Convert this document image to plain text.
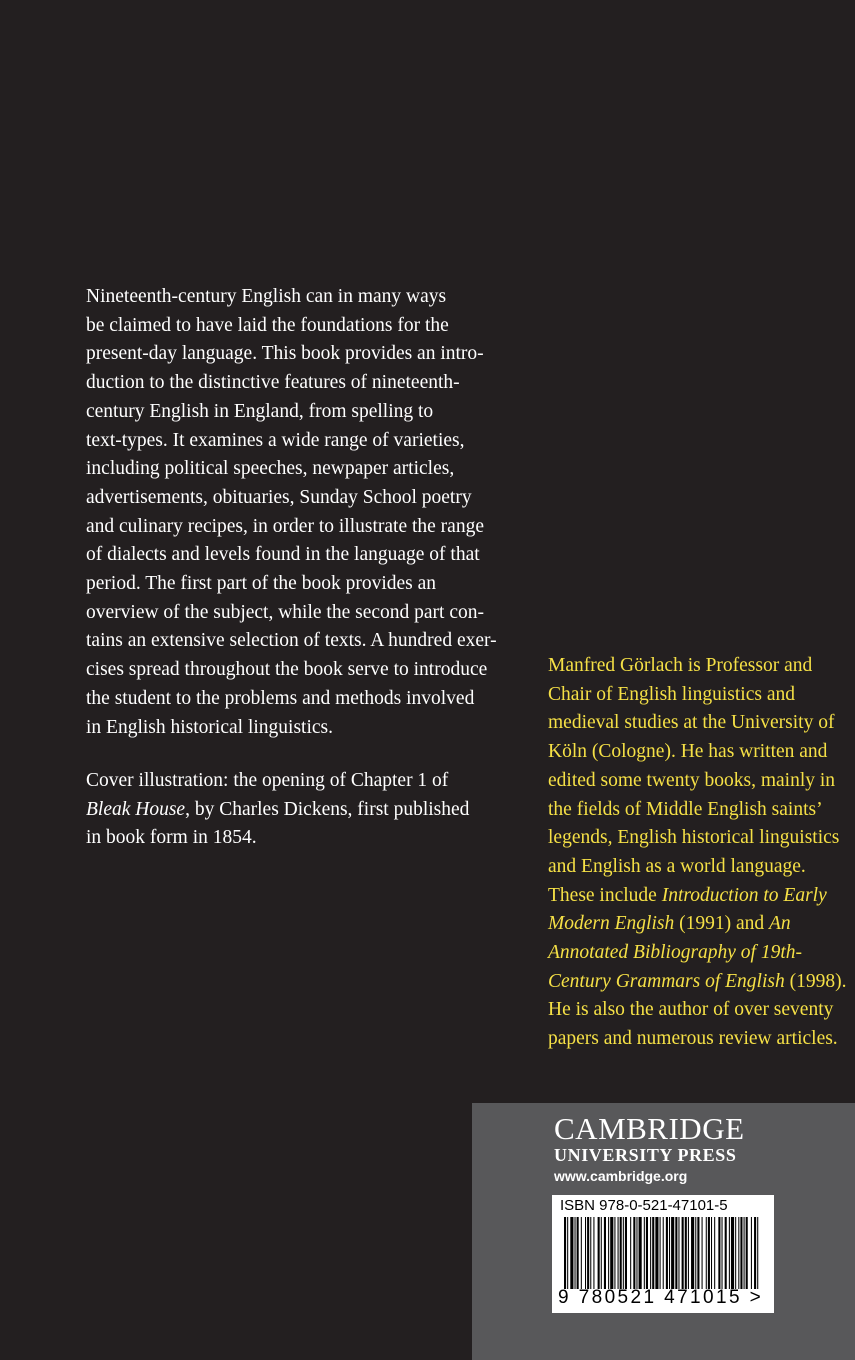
Nineteenth-century English can in many ways
be claimed to have laid the foundations for the
present-day language. This book provides an intro-
duction to the distinctive features of nineteenth-
century English in England, from spelling to
text-types. It examines a wide range of varieties,
including political speeches, newpaper articles,
advertisements, obituaries, Sunday School poetry
and culinary recipes, in order to illustrate the range
of dialects and levels found in the language of that
period. The first part of the book provides an
overview of the subject, while the second part con-
tains an extensive selection of texts. A hundred exer-
cises spread throughout the book serve to introduce
the student to the problems and methods involved
in English historical linguistics.

Cover illustration: the opening of Chapter 1 of
Bleak House, by Charles Dickens, first published
in book form in 1854.
Manfred Görlach is Professor and
Chair of English linguistics and
medieval studies at the University of
Köln (Cologne). He has written and
edited some twenty books, mainly in
the fields of Middle English saints’
legends, English historical linguistics
and English as a world language.
These include Introduction to Early
Modern English (1991) and An
Annotated Bibliography of 19th-
Century Grammars of English (1998).
He is also the author of over seventy
papers and numerous review articles.
CAMBRIDGE
UNIVERSITY PRESS
www.cambridge.org
ISBN 978-0-521-47101-5
9 780521 471015 >
